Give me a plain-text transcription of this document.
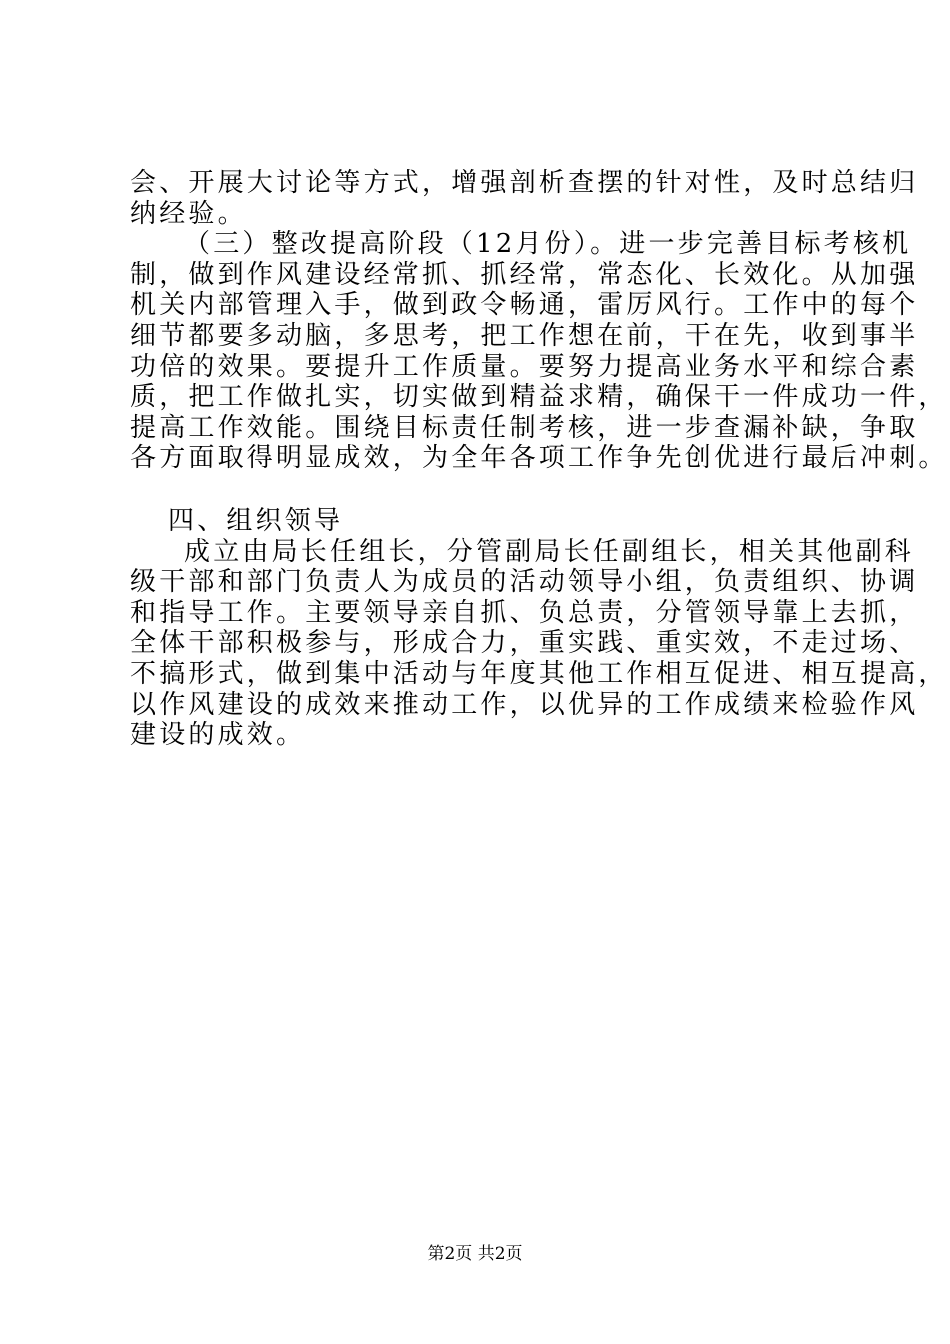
会、开展大讨论等方式，增强剖析查摆的针对性，及时总结归
纳经验。
（三）整改提高阶段（12月份）。进一步完善目标考核机
制，做到作风建设经常抓、抓经常，常态化、长效化。从加强
机关内部管理入手，做到政令畅通，雷厉风行。工作中的每个
细节都要多动脑，多思考，把工作想在前，干在先，收到事半
功倍的效果。要提升工作质量。要努力提高业务水平和综合素
质，把工作做扎实，切实做到精益求精，确保干一件成功一件，
提高工作效能。围绕目标责任制考核，进一步查漏补缺，争取
各方面取得明显成效，为全年各项工作争先创优进行最后冲刺。
四、组织领导
成立由局长任组长，分管副局长任副组长，相关其他副科
级干部和部门负责人为成员的活动领导小组，负责组织、协调
和指导工作。主要领导亲自抓、负总责，分管领导靠上去抓，
全体干部积极参与，形成合力，重实践、重实效，不走过场、
不搞形式，做到集中活动与年度其他工作相互促进、相互提高，
以作风建设的成效来推动工作，以优异的工作成绩来检验作风
建设的成效。
第2页 共2页
